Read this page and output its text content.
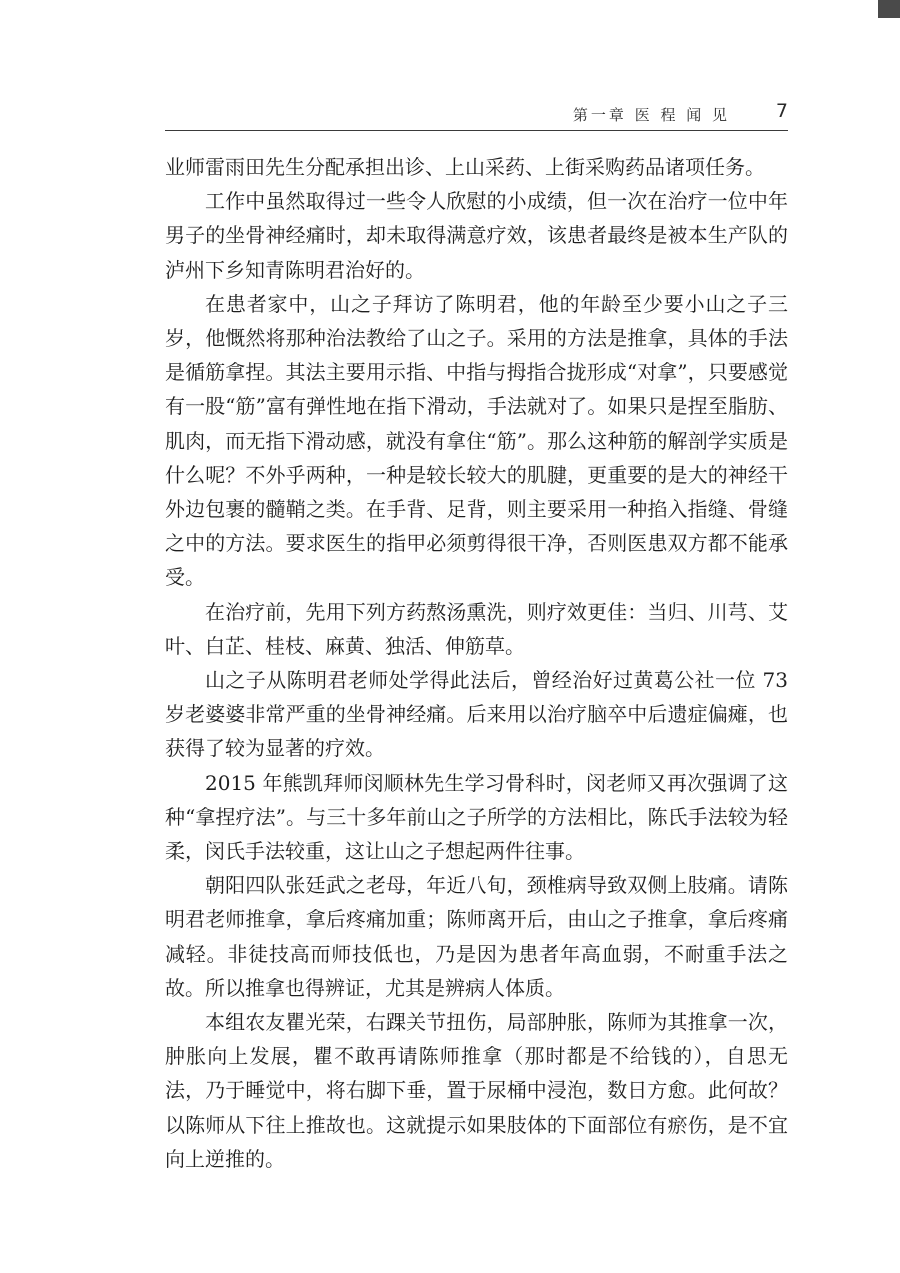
第一章 医 程 闻 见 7

业师雷雨田先生分配承担出诊、上山采药、上街采购药品诸项任务。

工作中虽然取得过一些令人欣慰的小成绩，但一次在治疗一位中年男子的坐骨神经痛时，却未取得满意疗效，该患者最终是被本生产队的泸州下乡知青陈明君治好的。

在患者家中，山之子拜访了陈明君，他的年龄至少要小山之子三岁，他慨然将那种治法教给了山之子。采用的方法是推拿，具体的手法是循筋拿捏。其法主要用示指、中指与拇指合拢形成“对拿”，只要感觉有一股“筋”富有弹性地在指下滑动，手法就对了。如果只是捏至脂肪、肌肉，而无指下滑动感，就没有拿住“筋”。那么这种筋的解剖学实质是什么呢？不外乎两种，一种是较长较大的肌腱，更重要的是大的神经干外边包裹的髓鞘之类。在手背、足背，则主要采用一种掐入指缝、骨缝之中的方法。要求医生的指甲必须剪得很干净，否则医患双方都不能承受。

在治疗前，先用下列方药熬汤熏洗，则疗效更佳：当归、川芎、艾叶、白芷、桂枝、麻黄、独活、伸筋草。

山之子从陈明君老师处学得此法后，曾经治好过黄葛公社一位 73 岁老婆婆非常严重的坐骨神经痛。后来用以治疗脑卒中后遗症偏瘫，也获得了较为显著的疗效。

2015 年熊凯拜师闵顺林先生学习骨科时，闵老师又再次强调了这种“拿捏疗法”。与三十多年前山之子所学的方法相比，陈氏手法较为轻柔，闵氏手法较重，这让山之子想起两件往事。

朝阳四队张廷武之老母，年近八旬，颈椎病导致双侧上肢痛。请陈明君老师推拿，拿后疼痛加重；陈师离开后，由山之子推拿，拿后疼痛减轻。非徒技高而师技低也，乃是因为患者年高血弱，不耐重手法之故。所以推拿也得辨证，尤其是辨病人体质。

本组农友瞿光荣，右踝关节扭伤，局部肿胀，陈师为其推拿一次，肿胀向上发展，瞿不敢再请陈师推拿（那时都是不给钱的），自思无法，乃于睡觉中，将右脚下垂，置于尿桶中浸泡，数日方愈。此何故？以陈师从下往上推故也。这就提示如果肢体的下面部位有瘀伤，是不宜向上逆推的。
